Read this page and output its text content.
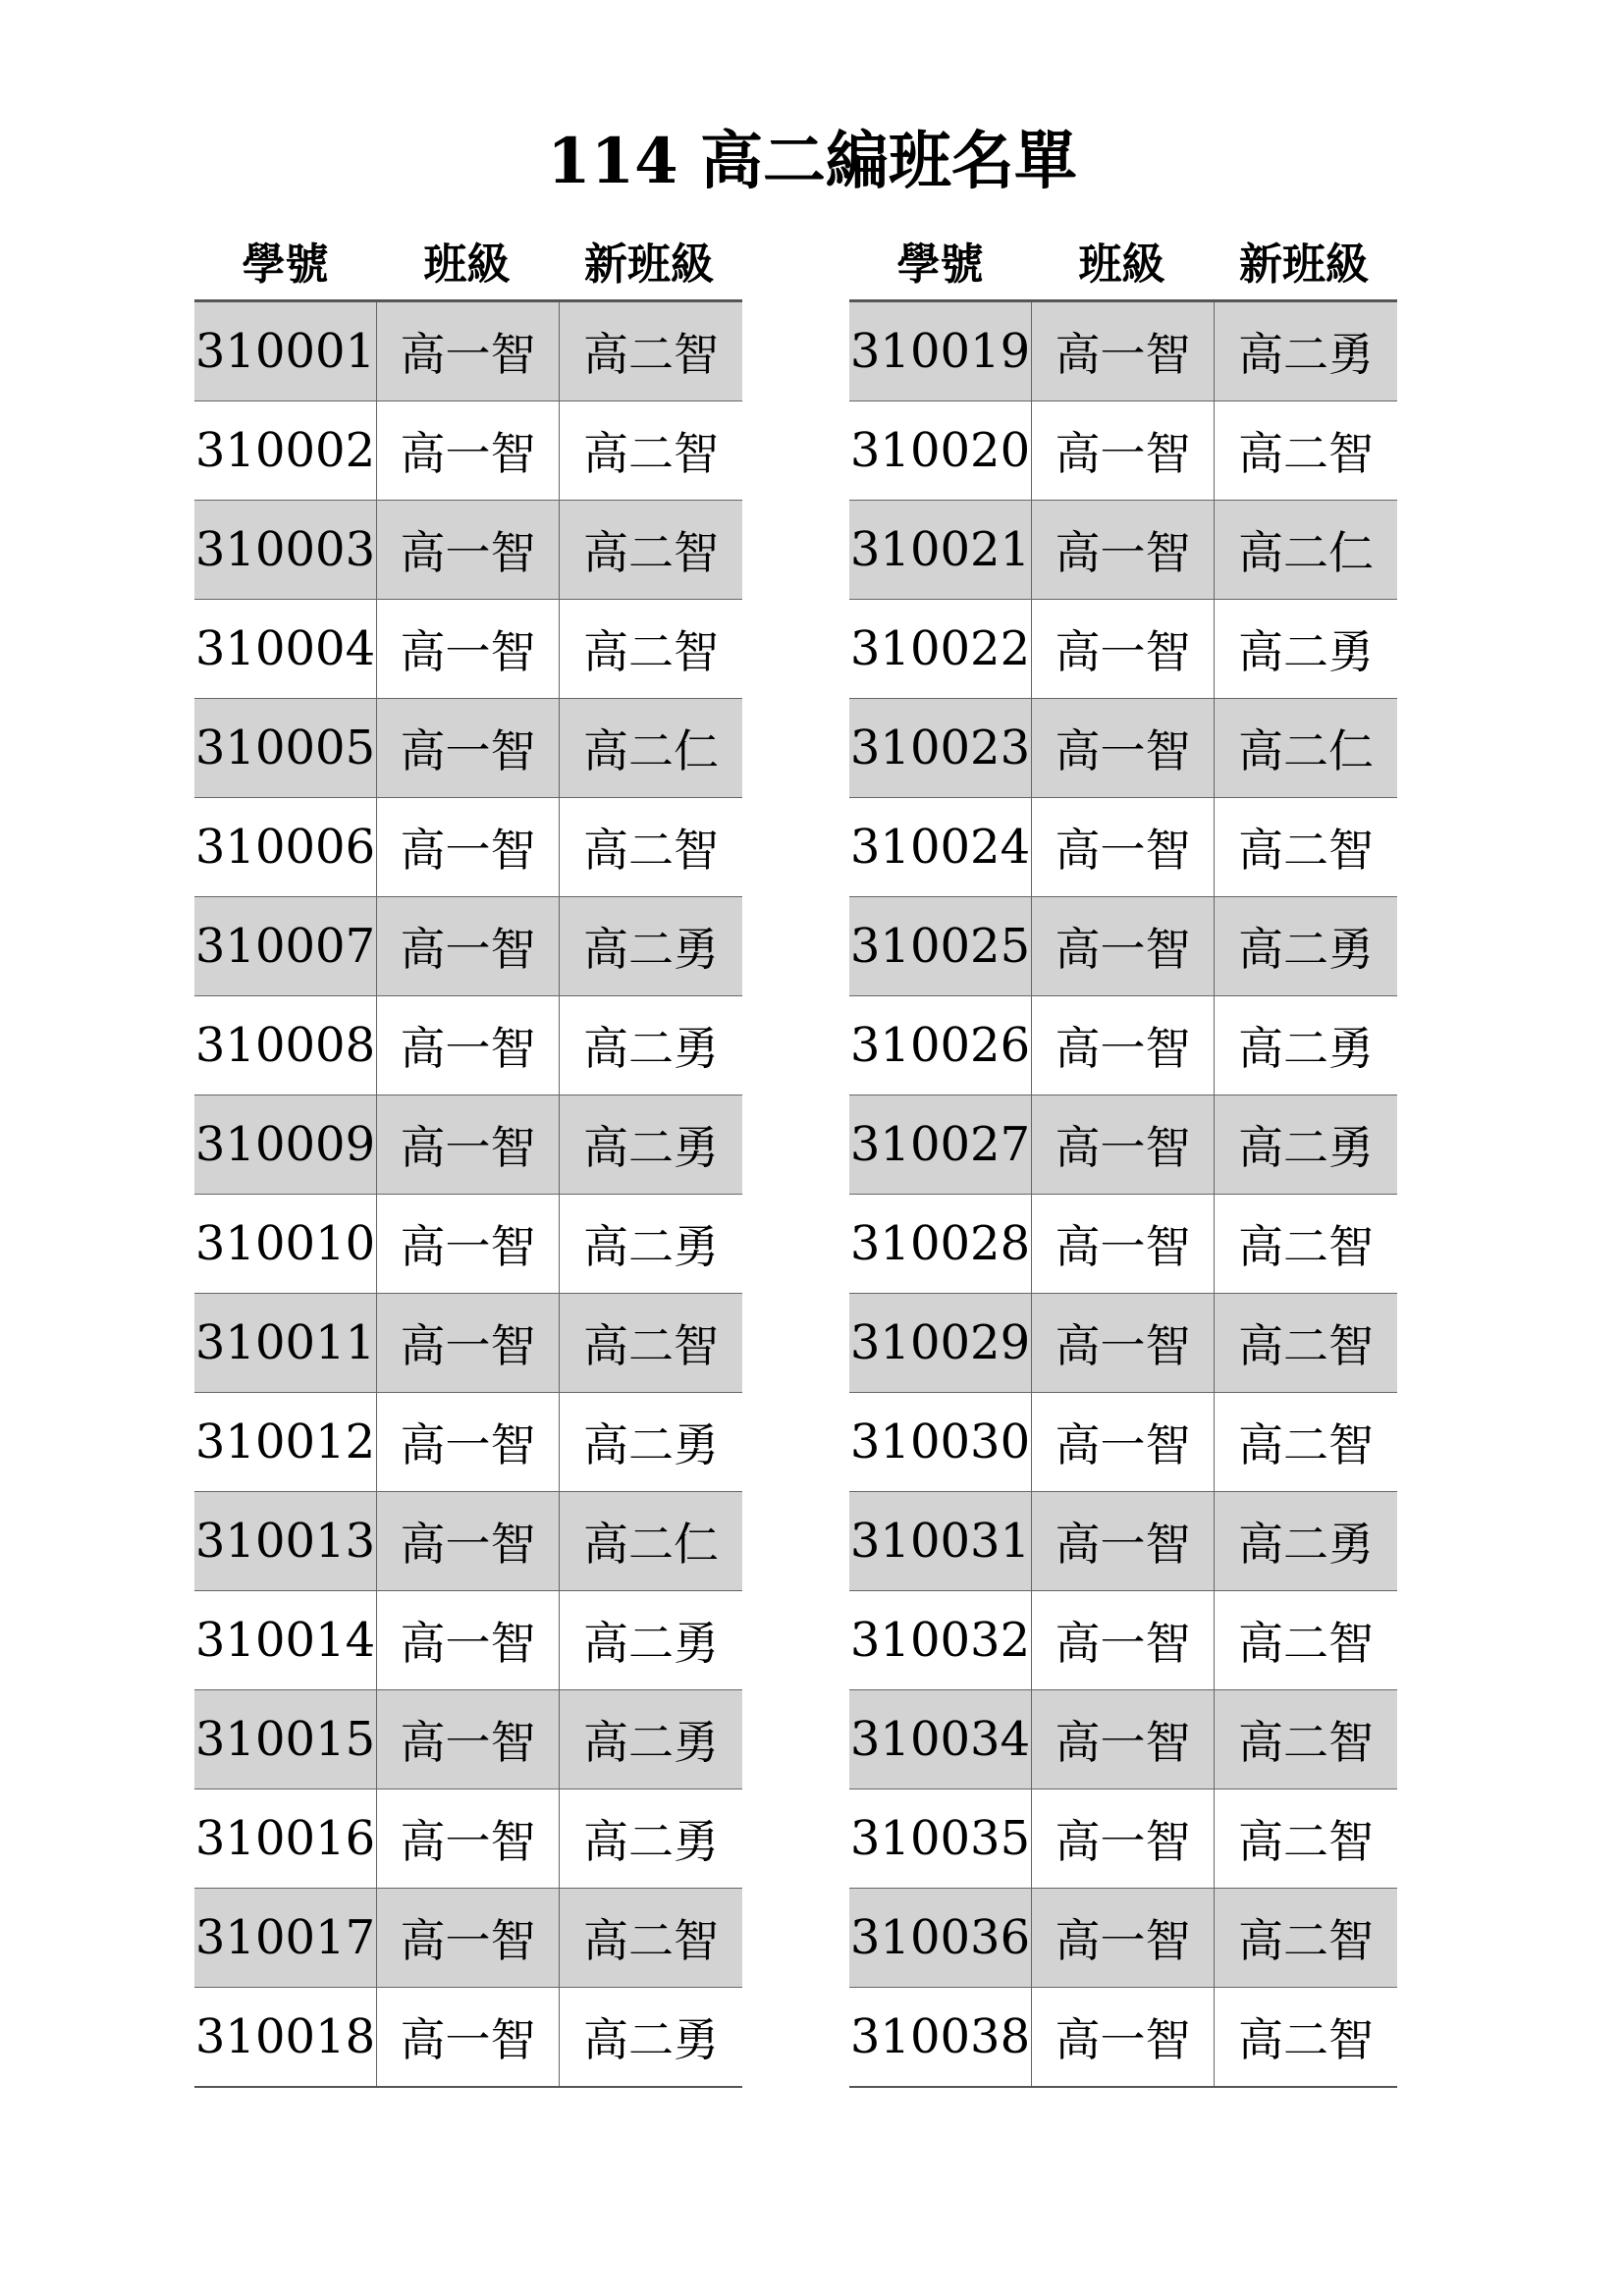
114 高二編班名單
學號	班級	新班級
310001	高一智	高二智
310002	高一智	高二智
310003	高一智	高二智
310004	高一智	高二智
310005	高一智	高二仁
310006	高一智	高二智
310007	高一智	高二勇
310008	高一智	高二勇
310009	高一智	高二勇
310010	高一智	高二勇
310011	高一智	高二智
310012	高一智	高二勇
310013	高一智	高二仁
310014	高一智	高二勇
310015	高一智	高二勇
310016	高一智	高二勇
310017	高一智	高二智
310018	高一智	高二勇
學號	班級	新班級
310019	高一智	高二勇
310020	高一智	高二智
310021	高一智	高二仁
310022	高一智	高二勇
310023	高一智	高二仁
310024	高一智	高二智
310025	高一智	高二勇
310026	高一智	高二勇
310027	高一智	高二勇
310028	高一智	高二智
310029	高一智	高二智
310030	高一智	高二智
310031	高一智	高二勇
310032	高一智	高二智
310034	高一智	高二智
310035	高一智	高二智
310036	高一智	高二智
310038	高一智	高二智
